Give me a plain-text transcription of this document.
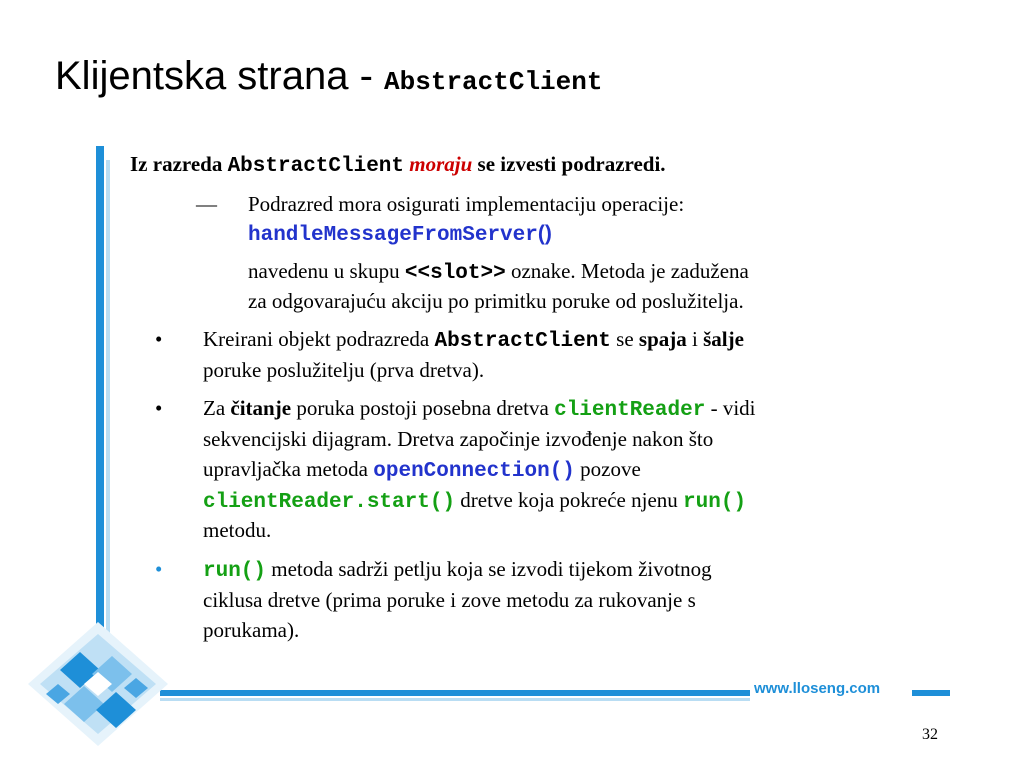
Klijentska strana - AbstractClient
www.lloseng.com
32
Iz razreda AbstractClient moraju se izvesti podrazredi.
— Podrazred mora osigurati implementaciju operacije:
handleMessageFromServer()
navedenu u skupu <<slot>> oznake. Metoda je zadužena
za odgovarajuću akciju po primitku poruke od poslužitelja.
• Kreirani objekt podrazreda AbstractClient se spaja i šalje
poruke poslužitelju (prva dretva).
• Za čitanje poruka postoji posebna dretva clientReader - vidi
sekvencijski dijagram. Dretva započinje izvođenje nakon što
upravljačka metoda openConnection() pozove
clientReader.start() dretve koja pokreće njenu run()
metodu.
• run() metoda sadrži petlju koja se izvodi tijekom životnog
ciklusa dretve (prima poruke i zove metodu za rukovanje s
porukama).
